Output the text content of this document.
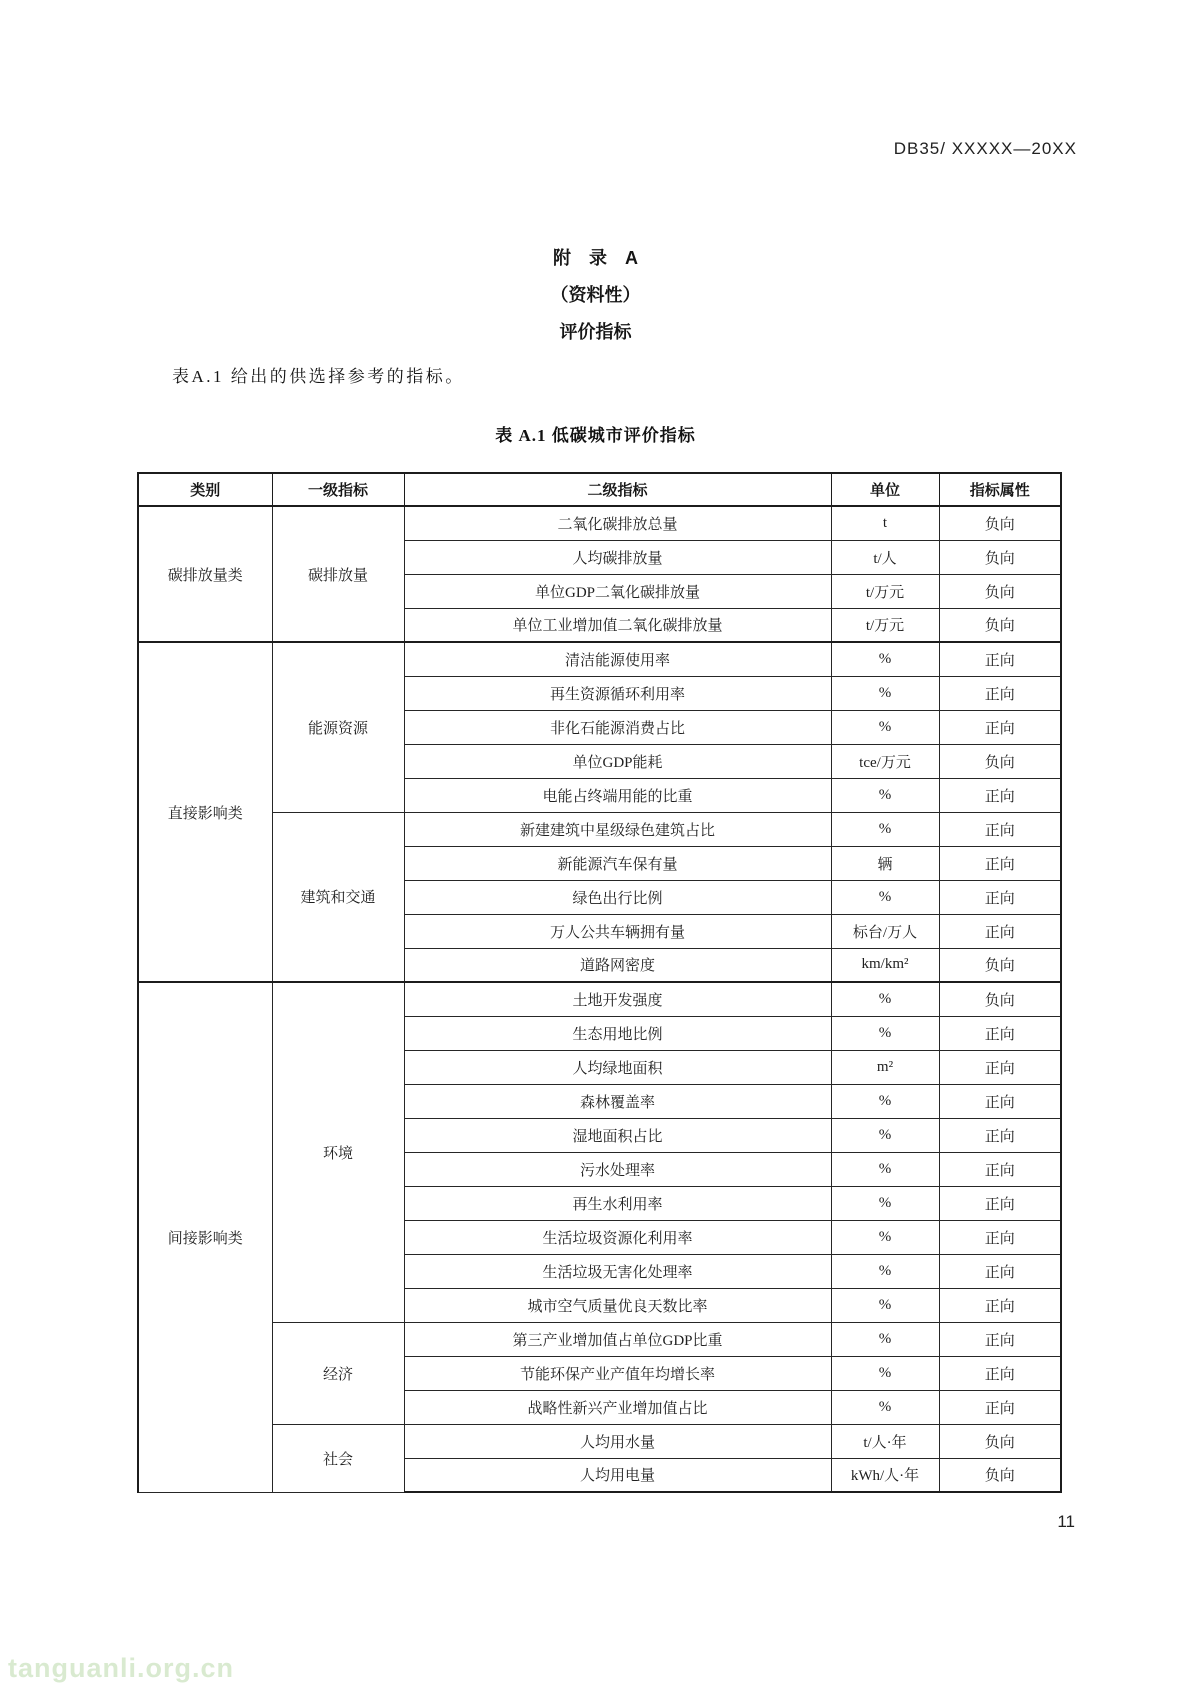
DB35/ XXXXX—20XX
附　录　A
（资料性）
评价指标
表A.1 给出的供选择参考的指标。
表 A.1 低碳城市评价指标
类别	一级指标	二级指标	单位	指标属性
碳排放量类	碳排放量	二氧化碳排放总量	t	负向
		人均碳排放量	t/人	负向
		单位GDP二氧化碳排放量	t/万元	负向
		单位工业增加值二氧化碳排放量	t/万元	负向
直接影响类	能源资源	清洁能源使用率	%	正向
		再生资源循环利用率	%	正向
		非化石能源消费占比	%	正向
		单位GDP能耗	tce/万元	负向
		电能占终端用能的比重	%	正向
	建筑和交通	新建建筑中星级绿色建筑占比	%	正向
		新能源汽车保有量	辆	正向
		绿色出行比例	%	正向
		万人公共车辆拥有量	标台/万人	正向
		道路网密度	km/km²	负向
间接影响类	环境	土地开发强度	%	负向
		生态用地比例	%	正向
		人均绿地面积	m²	正向
		森林覆盖率	%	正向
		湿地面积占比	%	正向
		污水处理率	%	正向
		再生水利用率	%	正向
		生活垃圾资源化利用率	%	正向
		生活垃圾无害化处理率	%	正向
		城市空气质量优良天数比率	%	正向
	经济	第三产业增加值占单位GDP比重	%	正向
		节能环保产业产值年均增长率	%	正向
		战略性新兴产业增加值占比	%	正向
	社会	人均用水量	t/人·年	负向
		人均用电量	kWh/人·年	负向
11
tanguanli.org.cn
